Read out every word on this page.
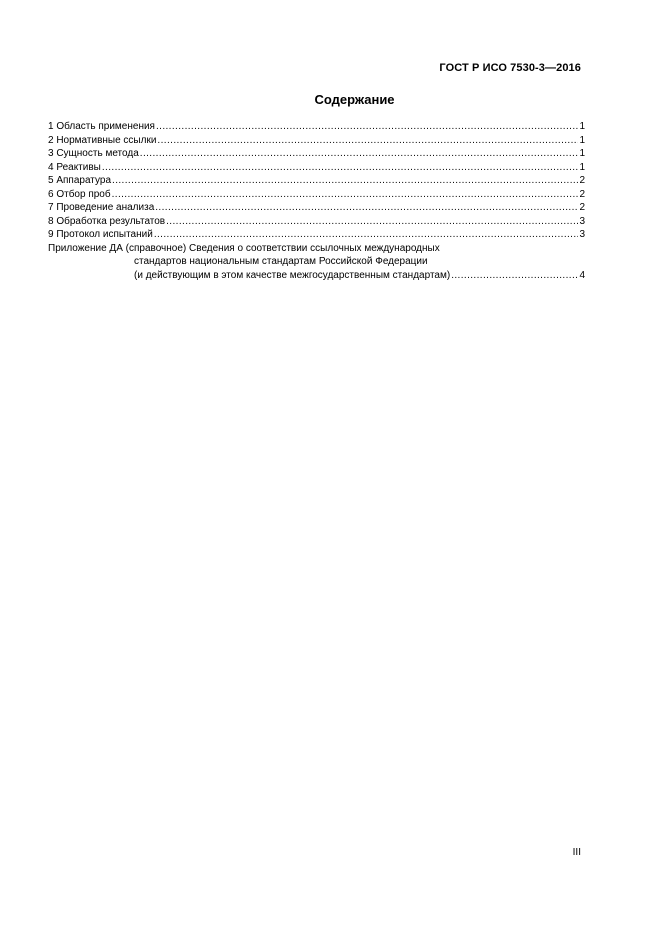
ГОСТ Р ИСО 7530-3—2016
Содержание
1 Область применения .....	1
2 Нормативные ссылки .....	1
3 Сущность метода .....	1
4 Реактивы .....	1
5 Аппаратура .....	2
6 Отбор проб .....	2
7 Проведение анализа .....	2
8 Обработка результатов .....	3
9 Протокол испытаний .....	3
Приложение ДА (справочное) Сведения о соответствии ссылочных международных
стандартов национальным стандартам Российской Федерации
(и действующим в этом качестве межгосударственным стандартам) .....	4
III
